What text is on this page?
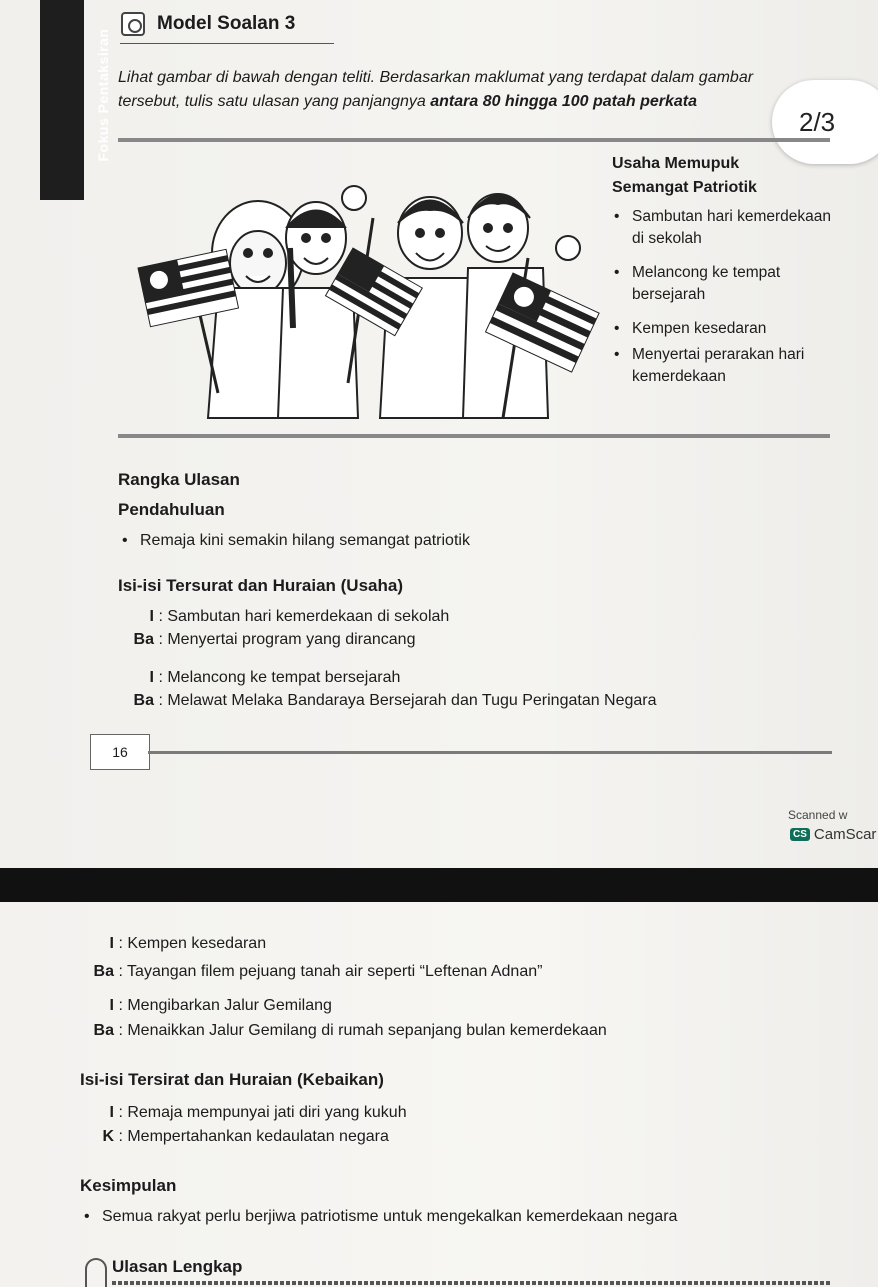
Fokus Pentaksiran
Model Soalan 3
Lihat gambar di bawah dengan teliti. Berdasarkan maklumat yang terdapat dalam gambar
tersebut, tulis satu ulasan yang panjangnya antara 80 hingga 100 patah perkata
2/3
Usaha Memupuk
Semangat Patriotik
• Sambutan hari kemerdekaan di sekolah
• Melancong ke tempat bersejarah
• Kempen kesedaran
• Menyertai perarakan hari kemerdekaan
Rangka Ulasan
Pendahuluan
• Remaja kini semakin hilang semangat patriotik
Isi-isi Tersurat dan Huraian (Usaha)
I : Sambutan hari kemerdekaan di sekolah
Ba : Menyertai program yang dirancang
I : Melancong ke tempat bersejarah
Ba : Melawat Melaka Bandaraya Bersejarah dan Tugu Peringatan Negara
16
Scanned w
CS CamScar
I : Kempen kesedaran
Ba : Tayangan filem pejuang tanah air seperti “Leftenan Adnan”
I : Mengibarkan Jalur Gemilang
Ba : Menaikkan Jalur Gemilang di rumah sepanjang bulan kemerdekaan
Isi-isi Tersirat dan Huraian (Kebaikan)
I : Remaja mempunyai jati diri yang kukuh
K : Mempertahankan kedaulatan negara
Kesimpulan
• Semua rakyat perlu berjiwa patriotisme untuk mengekalkan kemerdekaan negara
Ulasan Lengkap
